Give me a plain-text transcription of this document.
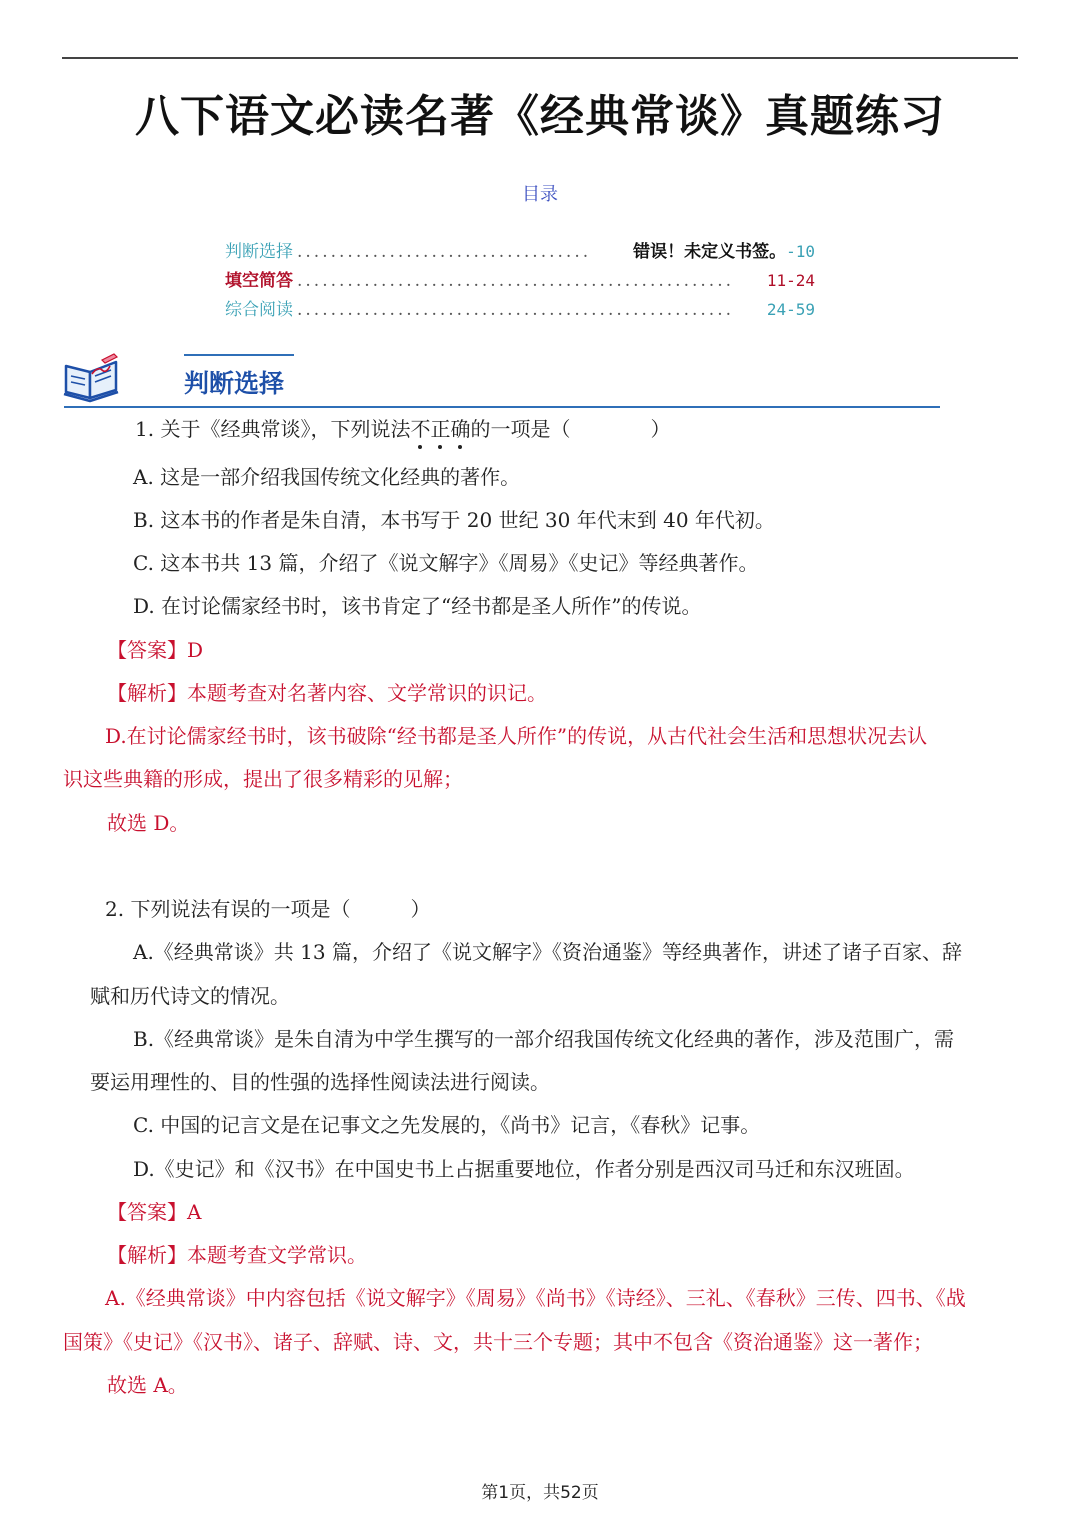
八下语文必读名著《经典常谈》真题练习
目录
判断选择 ...................................	错误！未定义书签。 -10
填空简答 ....................................................	11-24
综合阅读 ....................................................	24-59
判断选择
1. 关于《经典常谈》，下列说法不正确的一项是（　　　　）
A. 这是一部介绍我国传统文化经典的著作。
B. 这本书的作者是朱自清，本书写于 20 世纪 30 年代末到 40 年代初。
C. 这本书共 13 篇，介绍了《说文解字》《周易》《史记》等经典著作。
D. 在讨论儒家经书时，该书肯定了“经书都是圣人所作”的传说。
【答案】D
【解析】本题考查对名著内容、文学常识的识记。
D.在讨论儒家经书时，该书破除“经书都是圣人所作”的传说，从古代社会生活和思想状况去认
识这些典籍的形成，提出了很多精彩的见解；
故选 D。
2. 下列说法有误的一项是（　　　）
A.《经典常谈》共 13 篇，介绍了《说文解字》《资治通鉴》等经典著作，讲述了诸子百家、辞
赋和历代诗文的情况。
B.《经典常谈》是朱自清为中学生撰写的一部介绍我国传统文化经典的著作，涉及范围广，需
要运用理性的、目的性强的选择性阅读法进行阅读。
C. 中国的记言文是在记事文之先发展的，《尚书》记言，《春秋》记事。
D.《史记》和《汉书》在中国史书上占据重要地位，作者分别是西汉司马迁和东汉班固。
【答案】A
【解析】本题考查文学常识。
A.《经典常谈》中内容包括《说文解字》《周易》《尚书》《诗经》、三礼、《春秋》三传、四书、《战
国策》《史记》《汉书》、诸子、辞赋、诗、文，共十三个专题；其中不包含《资治通鉴》这一著作；
故选 A。
第1页，共52页
